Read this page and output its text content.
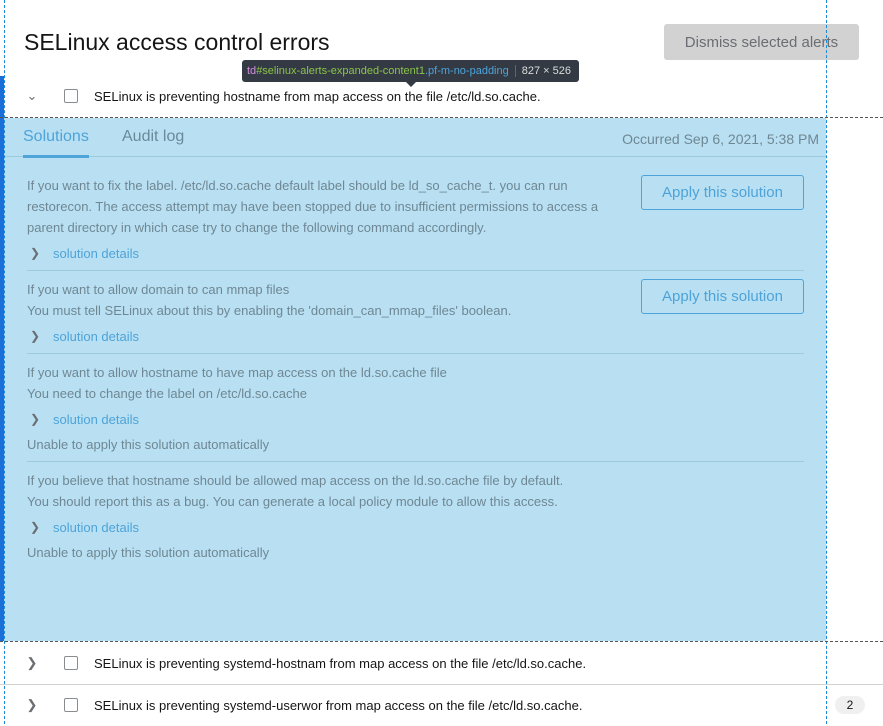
SELinux access control errors	Dismiss selected alerts
⌄	SELinux is preventing hostname from map access on the file /etc/ld.so.cache.
Solutions Audit log	Occurred Sep 6, 2021, 5:38 PM
If you want to fix the label. /etc/ld.so.cache default label should be ld_so_cache_t. you can run restorecon. The access attempt may have been stopped due to insufficient permissions to access a parent directory in which case try to change the following command accordingly.
❯ solution details
Apply this solution
If you want to allow domain to can mmap files
You must tell SELinux about this by enabling the 'domain_can_mmap_files' boolean.
❯ solution details
Apply this solution
If you want to allow hostname to have map access on the ld.so.cache file
You need to change the label on /etc/ld.so.cache
❯ solution details
Unable to apply this solution automatically
If you believe that hostname should be allowed map access on the ld.so.cache file by default.
You should report this as a bug. You can generate a local policy module to allow this access.
❯ solution details
Unable to apply this solution automatically
❯	SELinux is preventing systemd-hostnam from map access on the file /etc/ld.so.cache.
❯	SELinux is preventing systemd-userwor from map access on the file /etc/ld.so.cache.	2
td #selinux-alerts-expanded-content1 .pf-m-no-padding	827 × 526
